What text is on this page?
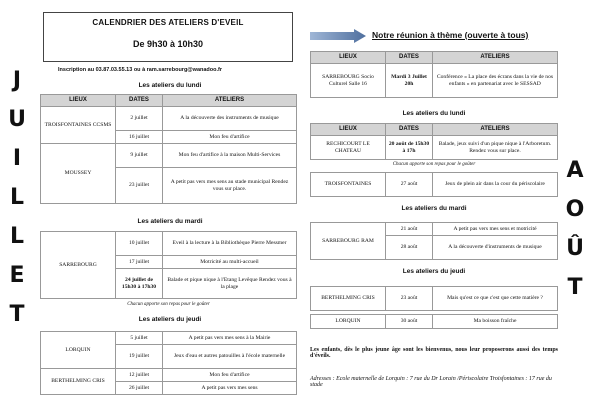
CALENDRIER DES ATELIERS D'EVEIL
De 9h30 à 10h30
Inscription au 03.87.03.55.13 ou à ram.sarrebourg@wanadoo.fr
J
U
I
L
L
E
T
A
O
Û
T
Les ateliers du lundi
LIEUX	DATES	ATELIERS
TROISFONTAINES CCSMS	2 juillet	A la découverte des instruments de musique
	16 juillet	Mon feu d'artifice
MOUSSEY	9 juillet	Mon feu d'artifice à la maison Multi-Services
	23 juillet	A petit pas vers mes sens au stade municipal Rendez vous sur place.
Les ateliers du mardi
SARREBOURG	10 juillet	Eveil à la lecture à la Bibliothèque Pierre Messmer
	17 juillet	Motricité au multi-accueil
	24 juillet de 15h30 à 17h30	Balade et pique nique à l'Etang Levêque Rendez vous à la plage
Chacun apporte son repas pour le goûter
Les ateliers du jeudi
LORQUIN	5 juillet	A petit pas vers mes sens à la Mairie
	19 juillet	Jeux d'eau et autres patouilles à l'école maternelle
BERTHELMING CRIS	12 juillet	Mon feu d'artifice
	26 juillet	A petit pas vers mes sens
Notre réunion à thème (ouverte à tous)
LIEUX	DATES	ATELIERS
SARREBOURG Socio Culturel Salle 16	Mardi 3 Juillet 20h	Conférence « La place des écrans dans la vie de nos enfants » en partenariat avec le SESSAD
Les ateliers du lundi
LIEUX	DATES	ATELIERS
RECHICOURT LE CHATEAU	20 août de 15h30 à 17h	Balade, jeux suivi d'un pique nique à l'Arboretum. Rendez vous sur place.
Chacun apporte son repas pour le goûter
TROISFONTAINES	27 août	Jeux de plein air dans la cour du périscolaire
Les ateliers du mardi
SARREBOURG RAM	21 août	A petit pas vers mes sens et motricité
	28 août	A la découverte d'instruments de musique
Les ateliers du jeudi
BERTHELMING CRIS	23 août	Mais qu'est ce que c'est que cette matière ?
LORQUIN	30 août	Ma boisson fraîche
Les enfants, dès le plus jeune âge sont les bienvenus, nous leur proposerons aussi des temps d'éveils.
Adresses : Ecole maternelle de Lorquin : 7 rue du Dr Lorain /Périscolaire Troisfontaines : 17 rue du stade
